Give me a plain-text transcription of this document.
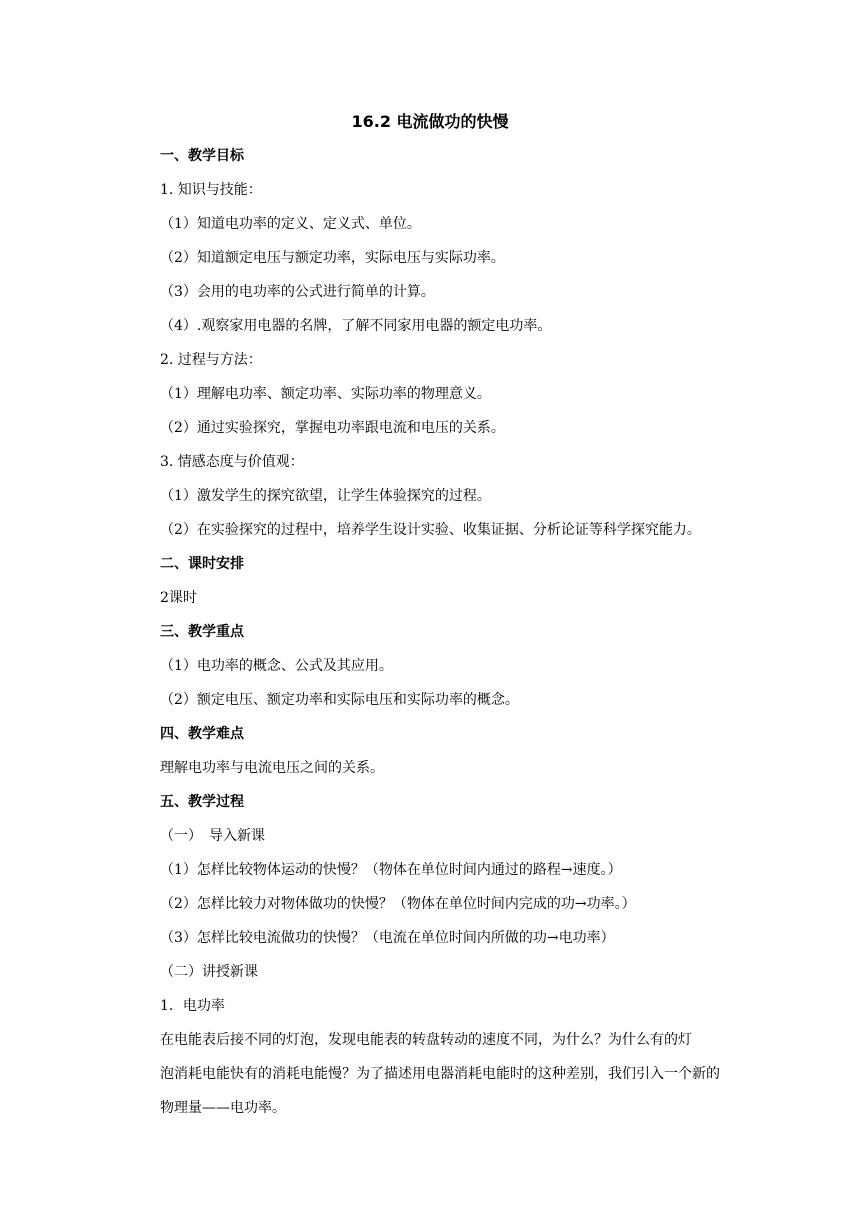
16.2 电流做功的快慢
一、教学目标
1. 知识与技能：
（1）知道电功率的定义、定义式、单位。
（2）知道额定电压与额定功率，实际电压与实际功率。
（3）会用的电功率的公式进行简单的计算。
（4）.观察家用电器的名牌，了解不同家用电器的额定电功率。
2. 过程与方法：
（1）理解电功率、额定功率、实际功率的物理意义。
（2）通过实验探究，掌握电功率跟电流和电压的关系。
3. 情感态度与价值观：
（1）激发学生的探究欲望，让学生体验探究的过程。
（2）在实验探究的过程中，培养学生设计实验、收集证据、分析论证等科学探究能力。
二、课时安排
2课时
三、教学重点
（1）电功率的概念、公式及其应用。
（2）额定电压、额定功率和实际电压和实际功率的概念。
四、教学难点
理解电功率与电流电压之间的关系。
五、教学过程
（一）　导入新课
（1）怎样比较物体运动的快慢？（物体在单位时间内通过的路程→速度。）
（2）怎样比较力对物体做功的快慢？（物体在单位时间内完成的功→功率。）
（3）怎样比较电流做功的快慢？（电流在单位时间内所做的功→电功率）
（二）讲授新课
1．电功率
在电能表后接不同的灯泡，发现电能表的转盘转动的速度不同，为什么？为什么有的灯
泡消耗电能快有的消耗电能慢？为了描述用电器消耗电能时的这种差别，我们引入一个新的
物理量——电功率。
